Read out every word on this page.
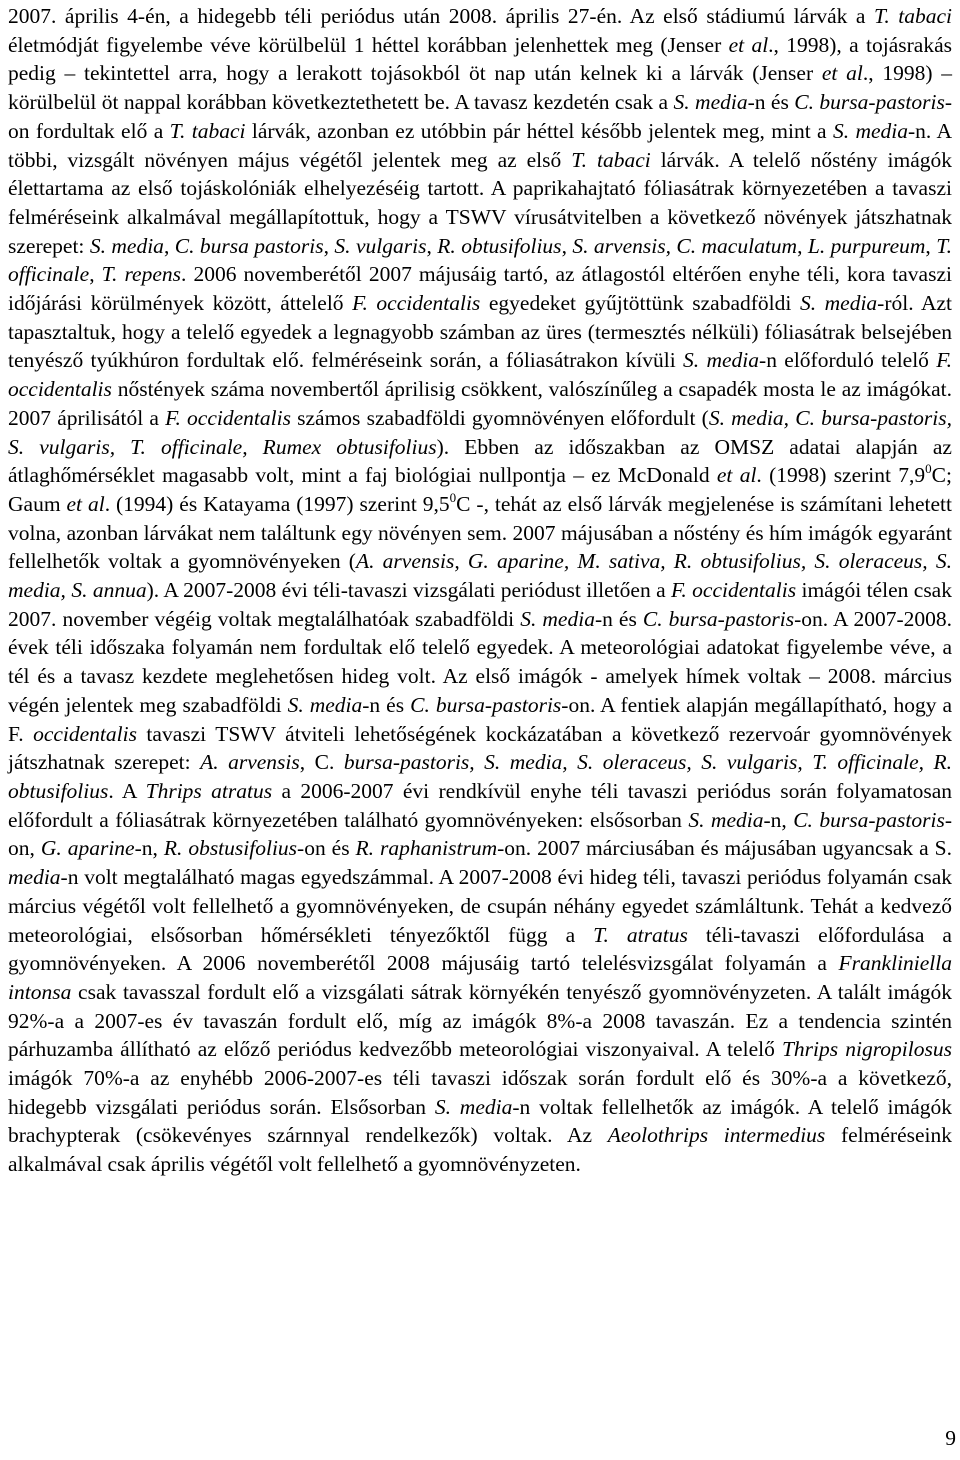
2007. április 4-én, a hidegebb téli periódus után 2008. április 27-én. Az első stádiumú lárvák a T. tabaci életmódját figyelembe véve körülbelül 1 héttel korábban jelenhettek meg (Jenser et al., 1998), a tojásrakás pedig – tekintettel arra, hogy a lerakott tojásokból öt nap után kelnek ki a lárvák (Jenser et al., 1998) – körülbelül öt nappal korábban következtethetett be. A tavasz kezdetén csak a S. media-n és C. bursa-pastoris-on fordultak elő a T. tabaci lárvák, azonban ez utóbbin pár héttel később jelentek meg, mint a S. media-n. A többi, vizsgált növényen május végétől jelentek meg az első T. tabaci lárvák. A telelő nőstény imágók élettartama az első tojáskolóniák elhelyezéséig tartott. A paprikahajtató fóliasátrak környezetében a tavaszi felméréseink alkalmával megállapítottuk, hogy a TSWV vírusátvitelben a következő növények játszhatnak szerepet: S. media, C. bursa pastoris, S. vulgaris, R. obtusifolius, S. arvensis, C. maculatum, L. purpureum, T. officinale, T. repens. 2006 novemberétől 2007 májusáig tartó, az átlagostól eltérően enyhe téli, kora tavaszi időjárási körülmények között, áttelelő F. occidentalis egyedeket gyűjtöttünk szabadföldi S. media-ról. Azt tapasztaltuk, hogy a telelő egyedek a legnagyobb számban az üres (termesztés nélküli) fóliasátrak belsejében tenyésző tyúkhúron fordultak elő. felméréseink során, a fóliasátrakon kívüli S. media-n előforduló telelő F. occidentalis nőstények száma novembertől áprilisig csökkent, valószínűleg a csapadék mosta le az imágókat. 2007 áprilisától a F. occidentalis számos szabadföldi gyomnövényen előfordult (S. media, C. bursa-pastoris, S. vulgaris, T. officinale, Rumex obtusifolius). Ebben az időszakban az OMSZ adatai alapján az átlaghőmérséklet magasabb volt, mint a faj biológiai nullpontja – ez McDonald et al. (1998) szerint $7,9^0C$; Gaum et al. (1994) és Katayama (1997) szerint $9,5^0C$ -, tehát az első lárvák megjelenése is számítani lehetett volna, azonban lárvákat nem találtunk egy növényen sem. 2007 májusában a nőstény és hím imágók egyaránt fellelhetők voltak a gyomnövényeken (A. arvensis, G. aparine, M. sativa, R. obtusifolius, S. oleraceus, S. media, S. annua). A 2007-2008 évi téli-tavaszi vizsgálati periódust illetően a F. occidentalis imágói télen csak 2007. november végéig voltak megtalálhatóak szabadföldi S. media-n és C. bursa-pastoris-on. A 2007-2008. évek téli időszaka folyamán nem fordultak elő telelő egyedek. A meteorológiai adatokat figyelembe véve, a tél és a tavasz kezdete meglehetősen hideg volt. Az első imágók - amelyek hímek voltak – 2008. március végén jelentek meg szabadföldi S. media-n és C. bursa-pastoris-on. A fentiek alapján megállapítható, hogy a F. occidentalis tavaszi TSWV átviteli lehetőségének kockázatában a következő rezervoár gyomnövények játszhatnak szerepet: A. arvensis, C. bursa-pastoris, S. media, S. oleraceus, S. vulgaris, T. officinale, R. obtusifolius. A Thrips atratus a 2006-2007 évi rendkívül enyhe téli tavaszi periódus során folyamatosan előfordult a fóliasátrak környezetében található gyomnövényeken: elsősorban S. media-n, C. bursa-pastoris-on, G. aparine-n, R. obstusifolius-on és R. raphanistrum-on. 2007 márciusában és májusában ugyancsak a S. media-n volt megtalálható magas egyedszámmal. A 2007-2008 évi hideg téli, tavaszi periódus folyamán csak március végétől volt fellelhető a gyomnövényeken, de csupán néhány egyedet számláltunk. Tehát a kedvező meteorológiai, elsősorban hőmérsékleti tényezőktől függ a T. atratus téli-tavaszi előfordulása a gyomnövényeken. A 2006 novemberétől 2008 májusáig tartó telelésvizsgálat folyamán a Frankliniella intonsa csak tavasszal fordult elő a vizsgálati sátrak környékén tenyésző gyomnövényzeten. A talált imágók 92%-a a 2007-es év tavaszán fordult elő, míg az imágók 8%-a 2008 tavaszán. Ez a tendencia szintén párhuzamba állítható az előző periódus kedvezőbb meteorológiai viszonyaival. A telelő Thrips nigropilosus imágók 70%-a az enyhébb 2006-2007-es téli tavaszi időszak során fordult elő és 30%-a a következő, hidegebb vizsgálati periódus során. Elsősorban S. media-n voltak fellelhetők az imágók. A telelő imágók brachypterak (csökevényes szárnnyal rendelkezők) voltak. Az Aeolothrips intermedius felméréseink alkalmával csak április végétől volt fellelhető a gyomnövényzeten.

9
